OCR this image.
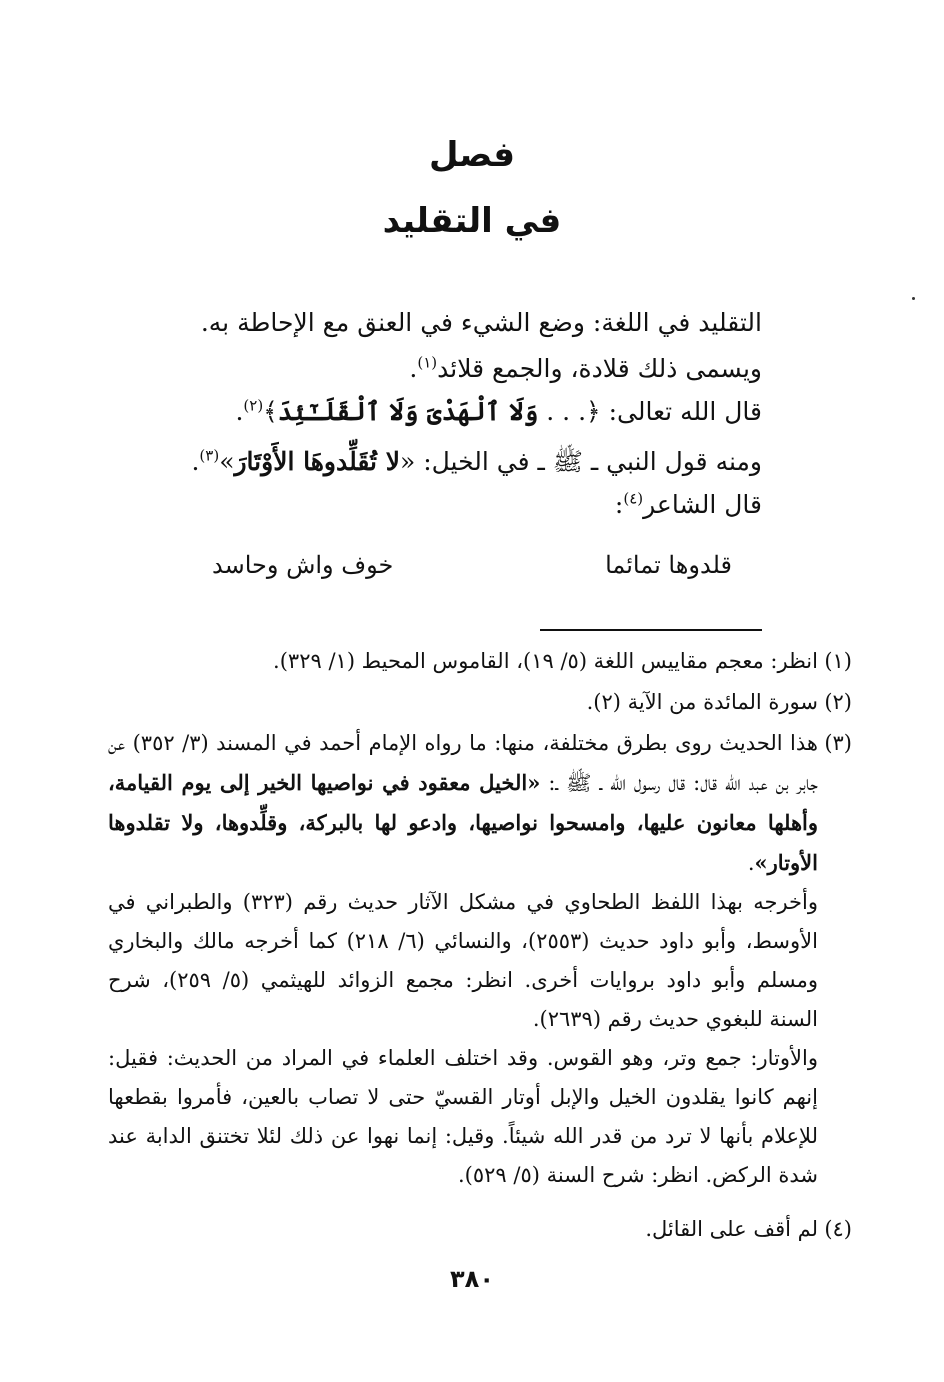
فصل
في التقليد
التقليد في اللغة: وضع الشيء في العنق مع الإحاطة به.
ويسمى ذلك قلادة، والجمع قلائد$^{(١)}$.
قال الله تعالى: ﴿. . . وَلَا ٱلْهَدْىَ وَلَا ٱلْقَلَـٰٓئِدَ﴾$^{(٢)}$.
ومنه قول النبي ـ ﷺ ـ في الخيل: «لا تُقَلِّدوهَا الأَوْتَارَ»$^{(٣)}$.
قال الشاعر$^{(٤)}$:
قلدوها تمائما
خوف واش وحاسد
(١)
انظر: معجم مقاييس اللغة (٥/ ١٩)، القاموس المحيط (١/ ٣٢٩).
(٢)
سورة المائدة من الآية (٢).
(٣)

هذا الحديث روى بطرق مختلفة، منها: ما رواه الإمام أحمد في المسند (٣/ ٣٥٢) عن جابر بن عبد الله قال: قال رسول الله ـ ﷺ ـ: «الخيل معقود في نواصيها الخير إلى يوم القيامة، وأهلها معانون عليها، وامسحوا نواصيها، وادعو لها بالبركة، وقلِّدوها، ولا تقلدوها الأوتار».

وأخرجه بهذا اللفظ الطحاوي في مشكل الآثار حديث رقم (٣٢٣) والطبراني في الأوسط، وأبو داود حديث (٢٥٥٣)، والنسائي (٦/ ٢١٨) كما أخرجه مالك والبخاري ومسلم وأبو داود بروايات أخرى. انظر: مجمع الزوائد للهيثمي (٥/ ٢٥٩)، شرح السنة للبغوي حديث رقم (٢٦٣٩).

والأوتار: جمع وتر، وهو القوس. وقد اختلف العلماء في المراد من الحديث: فقيل: إنهم كانوا يقلدون الخيل والإبل أوتار القسيّ حتى لا تصاب بالعين، فأمروا بقطعها للإعلام بأنها لا ترد من قدر الله شيئاً. وقيل: إنما نهوا عن ذلك لئلا تختنق الدابة عند شدة الركض. انظر: شرح السنة (٥/ ٥٢٩).

(٤)
لم أقف على القائل.
٣٨٠
